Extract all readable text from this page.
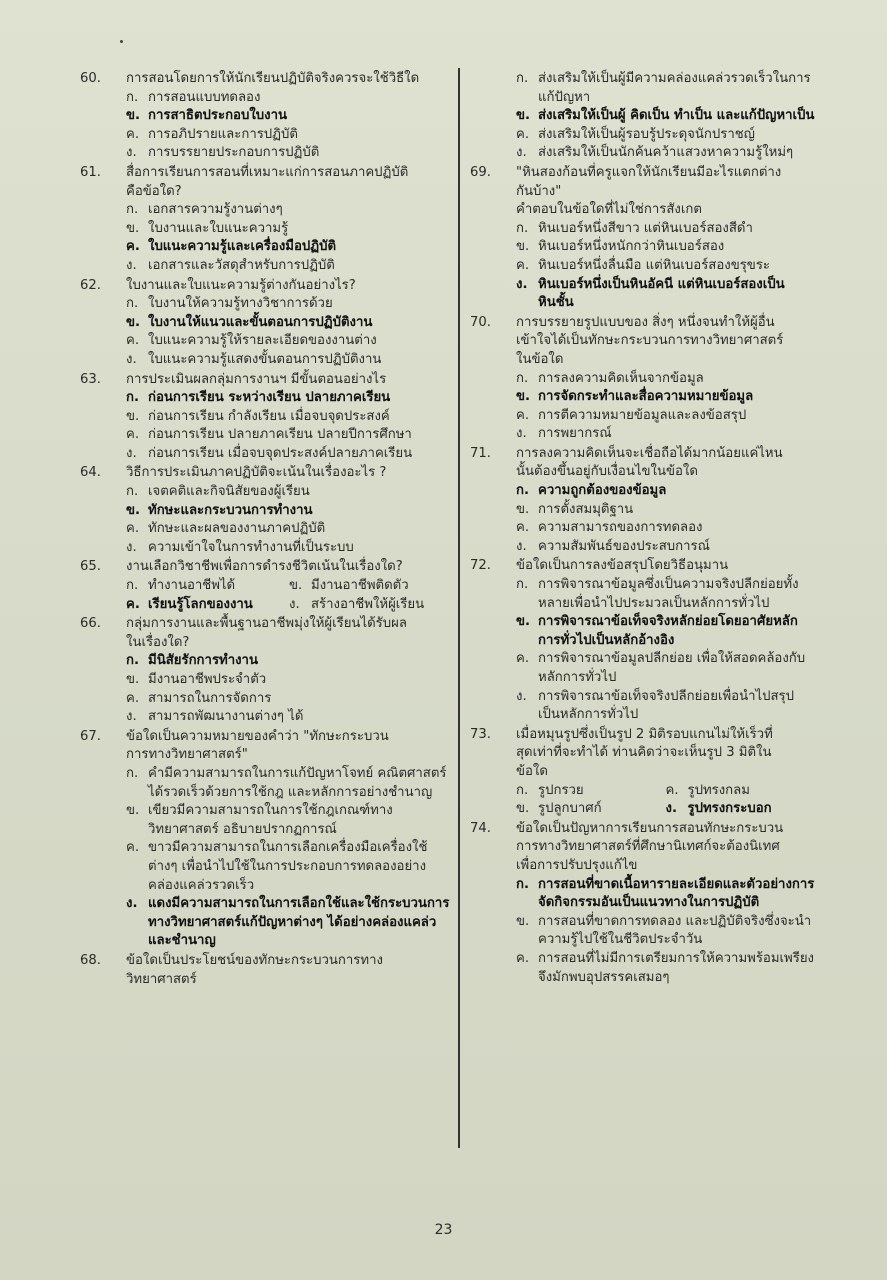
60.	การสอนโดยการให้นักเรียนปฏิบัติจริงควรจะใช้วิธีใด
ก. การสอนแบบทดลอง
ข. การสาธิตประกอบใบงาน
ค. การอภิปรายและการปฏิบัติ
ง. การบรรยายประกอบการปฏิบัติ
61.	สื่อการเรียนการสอนที่เหมาะแก่การสอนภาคปฏิบัติ
คือข้อใด?
ก. เอกสารความรู้งานต่างๆ
ข. ใบงานและใบแนะความรู้
ค. ใบแนะความรู้และเครื่องมือปฏิบัติ
ง. เอกสารและวัสดุสำหรับการปฏิบัติ
62.	ใบงานและใบแนะความรู้ต่างกันอย่างไร?
ก. ใบงานให้ความรู้ทางวิชาการด้วย
ข. ใบงานให้แนวและขั้นตอนการปฏิบัติงาน
ค. ใบแนะความรู้ให้รายละเอียดของงานต่าง
ง. ใบแนะความรู้แสดงขั้นตอนการปฏิบัติงาน
63.	การประเมินผลกลุ่มการงานฯ มีขั้นตอนอย่างไร
ก. ก่อนการเรียน ระหว่างเรียน ปลายภาคเรียน
ข. ก่อนการเรียน กำลังเรียน เมื่อจบจุดประสงค์
ค. ก่อนการเรียน ปลายภาคเรียน ปลายปีการศึกษา
ง. ก่อนการเรียน เมื่อจบจุดประสงค์ปลายภาคเรียน
64.	วิธีการประเมินภาคปฏิบัติจะเน้นในเรื่องอะไร ?
ก. เจตคติและกิจนิสัยของผู้เรียน
ข. ทักษะและกระบวนการทำงาน
ค. ทักษะและผลของงานภาคปฏิบัติ
ง. ความเข้าใจในการทำงานที่เป็นระบบ
65.	งานเลือกวิชาชีพเพื่อการดำรงชีวิตเน้นในเรื่องใด?
ก. ทำงานอาชีพได้	ข. มีงานอาชีพติดตัว
ค. เรียนรู้โลกของงาน	ง. สร้างอาชีพให้ผู้เรียน
66.	กลุ่มการงานและพื้นฐานอาชีพมุ่งให้ผู้เรียนได้รับผล
ในเรื่องใด?
ก. มีนิสัยรักการทำงาน
ข. มีงานอาชีพประจำตัว
ค. สามารถในการจัดการ
ง. สามารถพัฒนางานต่างๆ ได้
67.	ข้อใดเป็นความหมายของคำว่า "ทักษะกระบวน
การทางวิทยาศาสตร์"
ก. คำมีความสามารถในการแก้ปัญหาโจทย์ คณิตศาสตร์ได้รวดเร็วด้วยการใช้กฎ และหลักการอย่างชำนาญ
ข. เขียวมีความสามารถในการใช้กฎเกณฑ์ทางวิทยาศาสตร์ อธิบายปรากฏการณ์
ค. ขาวมีความสามารถในการเลือกเครื่องมือเครื่องใช้ต่างๆ เพื่อนำไปใช้ในการประกอบการทดลองอย่างคล่องแคล่วรวดเร็ว
ง. แดงมีความสามารถในการเลือกใช้และใช้กระบวนการทางวิทยาศาสตร์แก้ปัญหาต่างๆ ได้อย่างคล่องแคล่วและชำนาญ
68.	ข้อใดเป็นประโยชน์ของทักษะกระบวนการทาง
วิทยาศาสตร์
ก. ส่งเสริมให้เป็นผู้มีความคล่องแคล่วรวดเร็วในการแก้ปัญหา
ข. ส่งเสริมให้เป็นผู้ คิดเป็น ทำเป็น และแก้ปัญหาเป็น
ค. ส่งเสริมให้เป็นผู้รอบรู้ประดุจนักปราชญ์
ง. ส่งเสริมให้เป็นนักค้นคว้าแสวงหาความรู้ใหม่ๆ
69.	"หินสองก้อนที่ครูแจกให้นักเรียนมีอะไรแตกต่าง
กันบ้าง"
คำตอบในข้อใดที่ไม่ใช่การสังเกต
ก. หินเบอร์หนึ่งสีขาว แต่หินเบอร์สองสีดำ
ข. หินเบอร์หนึ่งหนักกว่าหินเบอร์สอง
ค. หินเบอร์หนึ่งลื่นมือ แต่หินเบอร์สองขรุขระ
ง. หินเบอร์หนึ่งเป็นหินอัคนี แต่หินเบอร์สองเป็นหินชั้น
70.	การบรรยายรูปแบบของ สิ่งๆ หนึ่งจนทำให้ผู้อื่น
เข้าใจได้เป็นทักษะกระบวนการทางวิทยาศาสตร์
ในข้อใด
ก. การลงความคิดเห็นจากข้อมูล
ข. การจัดกระทำและสื่อความหมายข้อมูล
ค. การตีความหมายข้อมูลและลงข้อสรุป
ง. การพยากรณ์
71.	การลงความคิดเห็นจะเชื่อถือได้มากน้อยแค่ไหน
นั้นต้องขึ้นอยู่กับเงื่อนไขในข้อใด
ก. ความถูกต้องของข้อมูล
ข. การตั้งสมมุติฐาน
ค. ความสามารถของการทดลอง
ง. ความสัมพันธ์ของประสบการณ์
72.	ข้อใดเป็นการลงข้อสรุปโดยวิธีอนุมาน
ก. การพิจารณาข้อมูลซึ่งเป็นความจริงปลีกย่อยทั้งหลายเพื่อนำไปประมวลเป็นหลักการทั่วไป
ข. การพิจารณาข้อเท็จจริงหลักย่อยโดยอาศัยหลักการทั่วไปเป็นหลักอ้างอิง
ค. การพิจารณาข้อมูลปลีกย่อย เพื่อให้สอดคล้องกับหลักการทั่วไป
ง. การพิจารณาข้อเท็จจริงปลีกย่อยเพื่อนำไปสรุปเป็นหลักการทั่วไป
73.	เมื่อหมุนรูปซึ่งเป็นรูป 2 มิติรอบแกนไม่ให้เร็วที่
สุดเท่าที่จะทำได้ ท่านคิดว่าจะเห็นรูป 3 มิติใน
ข้อใด
ก. รูปกรวย	ค. รูปทรงกลม
ข. รูปลูกบาศก์	ง. รูปทรงกระบอก
74.	ข้อใดเป็นปัญหาการเรียนการสอนทักษะกระบวน
การทางวิทยาศาสตร์ที่ศึกษานิเทศก์จะต้องนิเทศ
เพื่อการปรับปรุงแก้ไข
ก. การสอนที่ขาดเนื้อหารายละเอียดและตัวอย่างการจัดกิจกรรมอันเป็นแนวทางในการปฏิบัติ
ข. การสอนที่ขาดการทดลอง และปฏิบัติจริงซึ่งจะนำความรู้ไปใช้ในชีวิตประจำวัน
ค. การสอนที่ไม่มีการเตรียมการให้ความพร้อมเพรียง จึงมักพบอุปสรรคเสมอๆ
23
